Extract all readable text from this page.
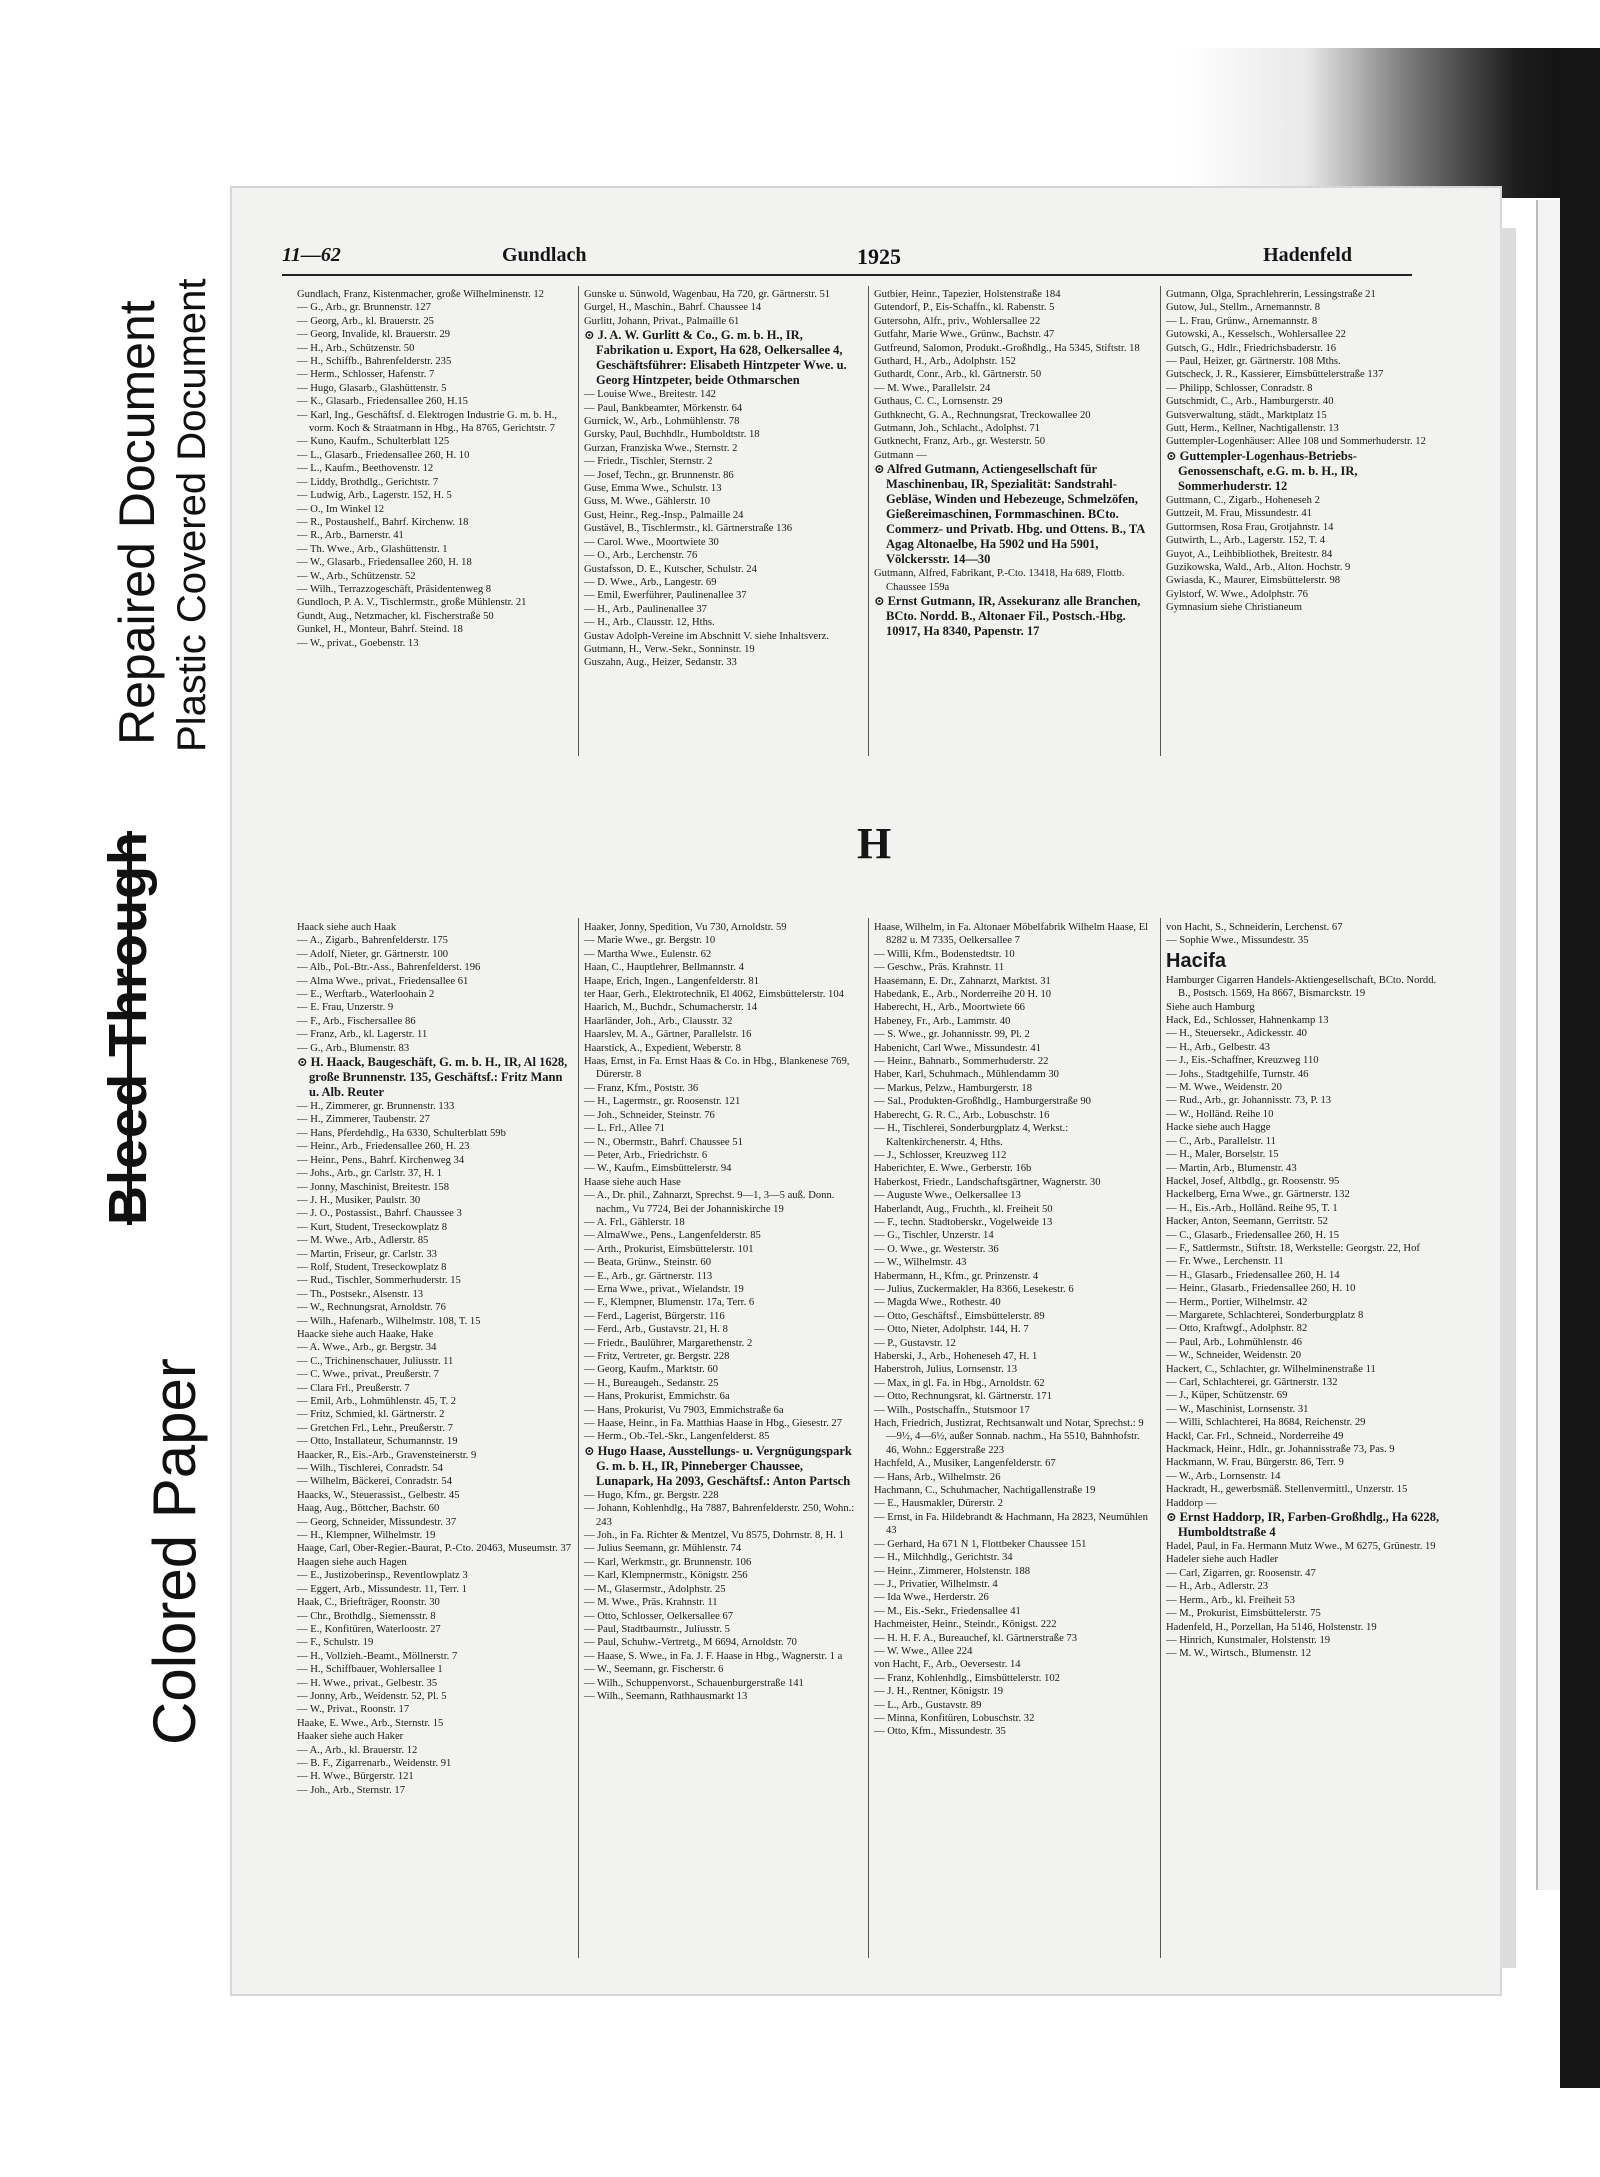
Colored Paper
Bleed Through
Repaired Document Plastic Covered Document
11—62	Gundlach	1925	Hadenfeld

Gundlach, Franz, Kistenmacher, große Wilhelminenstr. 12

— G., Arb., gr. Brunnenstr. 127

— Georg, Arb., kl. Brauerstr. 25

— Georg, Invalide, kl. Brauerstr. 29

— H., Arb., Schützenstr. 50

— H., Schiffb., Bahrenfelderstr. 235

— Herm., Schlosser, Hafenstr. 7

— Hugo, Glasarb., Glashüttenstr. 5

— K., Glasarb., Friedensallee 260, H.15

— Karl, Ing., Geschäftsf. d. Elektrogen Industrie G. m. b. H., vorm. Koch & Straatmann in Hbg., Ha 8765, Gerichtstr. 7

— Kuno, Kaufm., Schulterblatt 125

— L., Glasarb., Friedensallee 260, H. 10

— L., Kaufm., Beethovenstr. 12

— Liddy, Brothdlg., Gerichtstr. 7

— Ludwig, Arb., Lagerstr. 152, H. 5

— O., Im Winkel 12

— R., Postaushelf., Bahrf. Kirchenw. 18

— R., Arb., Barnerstr. 41

— Th. Wwe., Arb., Glashüttenstr. 1

— W., Glasarb., Friedensallee 260, H. 18

— W., Arb., Schützenstr. 52

— Wilh., Terrazzogeschäft, Präsidentenweg 8

Gundloch, P. A. V., Tischlermstr., große Mühlenstr. 21

Gundt, Aug., Netzmacher, kl. Fischerstraße 50

Gunkel, H., Monteur, Bahrf. Steind. 18

— W., privat., Goebenstr. 13

Gunske u. Sünwold, Wagenbau, Ha 720, gr. Gärtnerstr. 51

Gurgel, H., Maschin., Bahrf. Chaussee 14

Gurlitt, Johann, Privat., Palmaille 61

⊙ J. A. W. Gurlitt & Co., G. m. b. H., IR, Fabrikation u. Export, Ha 628, Oelkersallee 4, Geschäftsführer: Elisabeth Hintzpeter Wwe. u. Georg Hintzpeter, beide Othmarschen

— Louise Wwe., Breitestr. 142

— Paul, Bankbeamter, Mörkenstr. 64

Gurnick, W., Arb., Lohmühlenstr. 78

Gursky, Paul, Buchhdlr., Humboldtstr. 18

Gurzan, Franziska Wwe., Sternstr. 2

— Friedr., Tischler, Sternstr. 2

— Josef, Techn., gr. Brunnenstr. 86

Guse, Emma Wwe., Schulstr. 13

Guss, M. Wwe., Gählerstr. 10

Gust, Heinr., Reg.-Insp., Palmaille 24

Gustävel, B., Tischlermstr., kl. Gärtnerstraße 136

— Carol. Wwe., Moortwiete 30

— O., Arb., Lerchenstr. 76

Gustafsson, D. E., Kutscher, Schulstr. 24

— D. Wwe., Arb., Langestr. 69

— Emil, Ewerführer, Paulinenallee 37

— H., Arb., Paulinenallee 37

— H., Arb., Clausstr. 12, Hths.

Gustav Adolph-Vereine im Abschnitt V. siehe Inhaltsverz.

Gutmann, H., Verw.-Sekr., Sonninstr. 19

Guszahn, Aug., Heizer, Sedanstr. 33

Gutbier, Heinr., Tapezier, Holstenstraße 184

Gutendorf, P., Eis-Schaffn., kl. Rabenstr. 5

Gutersohn, Alfr., priv., Wohlersallee 22

Gutfahr, Marie Wwe., Grünw., Bachstr. 47

Gutfreund, Salomon, Produkt.-Großhdlg., Ha 5345, Stiftstr. 18

Guthard, H., Arb., Adolphstr. 152

Guthardt, Conr., Arb., kl. Gärtnerstr. 50

— M. Wwe., Parallelstr. 24

Guthaus, C. C., Lornsenstr. 29

Guthknecht, G. A., Rechnungsrat, Treckowallee 20

Gutmann, Joh., Schlacht., Adolphst. 71

Gutknecht, Franz, Arb., gr. Westerstr. 50

Gutmann —

⊙ Alfred Gutmann, Actiengesellschaft für Maschinenbau, IR, Spezialität: Sandstrahl-Gebläse, Winden und Hebezeuge, Schmelzöfen, Gießereimaschinen, Formmaschinen. BCto. Commerz- und Privatb. Hbg. und Ottens. B., TA Agag Altonaelbe, Ha 5902 und Ha 5901, Völckersstr. 14—30

Gutmann, Alfred, Fabrikant, P.-Cto. 13418, Ha 689, Flottb. Chaussee 159a

⊙ Ernst Gutmann, IR, Assekuranz alle Branchen, BCto. Nordd. B., Altonaer Fil., Postsch.-Hbg. 10917, Ha 8340, Papenstr. 17

Gutmann, Olga, Sprachlehrerin, Lessingstraße 21

Gutow, Jul., Stellm., Arnemannstr. 8

— L. Frau, Grünw., Arnemannstr. 8

Gutowski, A., Kesselsch., Wohlersallee 22

Gutsch, G., Hdlr., Friedrichsbaderstr. 16

— Paul, Heizer, gr. Gärtnerstr. 108 Mths.

Gutscheck, J. R., Kassierer, Eimsbüttelerstraße 137

— Philipp, Schlosser, Conradstr. 8

Gutschmidt, C., Arb., Hamburgerstr. 40

Gutsverwaltung, städt., Marktplatz 15

Gutt, Herm., Kellner, Nachtigallenstr. 13

Guttempler-Logenhäuser: Allee 108 und Sommerhuderstr. 12

⊙ Guttempler-Logenhaus-Betriebs-Genossenschaft, e.G. m. b. H., IR, Sommerhuderstr. 12

Guttmann, C., Zigarb., Hoheneseh 2

Guttzeit, M. Frau, Missundestr. 41

Guttormsen, Rosa Frau, Grotjahnstr. 14

Gutwirth, L., Arb., Lagerstr. 152, T. 4

Guyot, A., Leihbibliothek, Breitestr. 84

Guzikowska, Wald., Arb., Alton. Hochstr. 9

Gwiasda, K., Maurer, Eimsbüttelerstr. 98

Gylstorf, W. Wwe., Adolphstr. 76

Gymnasium siehe Christianeum

H

Haack siehe auch Haak

— A., Zigarb., Bahrenfelderstr. 175

— Adolf, Nieter, gr. Gärtnerstr. 100

— Alb., Pol.-Btr.-Ass., Bahrenfelderst. 196

— Alma Wwe., privat., Friedensallee 61

— E., Werftarb., Waterloohain 2

— E. Frau, Unzerstr. 9

— F., Arb., Fischersallee 86

— Franz, Arb., kl. Lagerstr. 11

— G., Arb., Blumenstr. 83

⊙ H. Haack, Baugeschäft, G. m. b. H., IR, Al 1628, große Brunnenstr. 135, Geschäftsf.: Fritz Mann u. Alb. Reuter

— H., Zimmerer, gr. Brunnenstr. 133

— H., Zimmerer, Taubenstr. 27

— Hans, Pferdehdlg., Ha 6330, Schulterblatt 59b

— Heinr., Arb., Friedensallee 260, H. 23

— Heinr., Pens., Bahrf. Kirchenweg 34

— Johs., Arb., gr. Carlstr. 37, H. 1

— Jonny, Maschinist, Breitestr. 158

— J. H., Musiker, Paulstr. 30

— J. O., Postassist., Bahrf. Chaussee 3

— Kurt, Student, Treseckowplatz 8

— M. Wwe., Arb., Adlerstr. 85

— Martin, Friseur, gr. Carlstr. 33

— Rolf, Student, Treseckowplatz 8

— Rud., Tischler, Sommerhuderstr. 15

— Th., Postsekr., Alsenstr. 13

— W., Rechnungsrat, Arnoldstr. 76

— Wilh., Hafenarb., Wilhelmstr. 108, T. 15

Haacke siehe auch Haake, Hake

— A. Wwe., Arb., gr. Bergstr. 34

— C., Trichinenschauer, Juliusstr. 11

— C. Wwe., privat., Preußerstr. 7

— Clara Frl., Preußerstr. 7

— Emil, Arb., Lohmühlenstr. 45, T. 2

— Fritz, Schmied, kl. Gärtnerstr. 2

— Gretchen Frl., Lehr., Preußerstr. 7

— Otto, Installateur, Schumannstr. 19

Haacker, R., Eis.-Arb., Gravensteinerstr. 9

— Wilh., Tischlerei, Conradstr. 54

— Wilhelm, Bäckerei, Conradstr. 54

Haacks, W., Steuerassist., Gelbestr. 45

Haag, Aug., Böttcher, Bachstr. 60

— Georg, Schneider, Missundestr. 37

— H., Klempner, Wilhelmstr. 19

Haage, Carl, Ober-Regier.-Baurat, P.-Cto. 20463, Museumstr. 37

Haagen siehe auch Hagen

— E., Justizoberinsp., Reventlowplatz 3

— Eggert, Arb., Missundestr. 11, Terr. 1

Haak, C., Briefträger, Roonstr. 30

— Chr., Brothdlg., Siemensstr. 8

— E., Konfitüren, Waterloostr. 27

— F., Schulstr. 19

— H., Vollzieh.-Beamt., Möllnerstr. 7

— H., Schiffbauer, Wohlersallee 1

— H. Wwe., privat., Gelbestr. 35

— Jonny, Arb., Weidenstr. 52, Pl. 5

— W., Privat., Roonstr. 17

Haake, E. Wwe., Arb., Sternstr. 15

Haaker siehe auch Haker

— A., Arb., kl. Brauerstr. 12

— B. F., Zigarrenarb., Weidenstr. 91

— H. Wwe., Bürgerstr. 121

— Joh., Arb., Sternstr. 17

Haaker, Jonny, Spedition, Vu 730, Arnoldstr. 59

— Marie Wwe., gr. Bergstr. 10

— Martha Wwe., Eulenstr. 62

Haan, C., Hauptlehrer, Bellmannstr. 4

Haape, Erich, Ingen., Langenfelderstr. 81

ter Haar, Gerh., Elektrotechnik, El 4062, Eimsbüttelerstr. 104

Haarich, M., Buchdr., Schumacherstr. 14

Haarländer, Joh., Arb., Clausstr. 32

Haarslev, M. A., Gärtner, Parallelstr. 16

Haarstick, A., Expedient, Weberstr. 8

Haas, Ernst, in Fa. Ernst Haas & Co. in Hbg., Blankenese 769, Dürerstr. 8

— Franz, Kfm., Poststr. 36

— H., Lagermstr., gr. Roosenstr. 121

— Joh., Schneider, Steinstr. 76

— L. Frl., Allee 71

— N., Obermstr., Bahrf. Chaussee 51

— Peter, Arb., Friedrichstr. 6

— W., Kaufm., Eimsbüttelerstr. 94

Haase siehe auch Hase

— A., Dr. phil., Zahnarzt, Sprechst. 9—1, 3—5 auß. Donn. nachm., Vu 7724, Bei der Johanniskirche 19

— A. Frl., Gählerstr. 18

— AlmaWwe., Pens., Langenfelderstr. 85

— Arth., Prokurist, Eimsbüttelerstr. 101

— Beata, Grünw., Steinstr. 60

— E., Arb., gr. Gärtnerstr. 113

— Erna Wwe., privat., Wielandstr. 19

— F., Klempner, Blumenstr. 17a, Terr. 6

— Ferd., Lagerist, Bürgerstr. 116

— Ferd., Arb., Gustavstr. 21, H. 8

— Friedr., Baulührer, Margarethenstr. 2

— Fritz, Vertreter, gr. Bergstr. 228

— Georg, Kaufm., Marktstr. 60

— H., Bureaugeh., Sedanstr. 25

— Hans, Prokurist, Emmichstr. 6a

— Hans, Prokurist, Vu 7903, Emmichstraße 6a

— Haase, Heinr., in Fa. Matthias Haase in Hbg., Giesestr. 27

— Herm., Ob.-Tel.-Skr., Langenfelderst. 85

⊙ Hugo Haase, Ausstellungs- u. Vergnügungspark G. m. b. H., IR, Pinneberger Chaussee, Lunapark, Ha 2093, Geschäftsf.: Anton Partsch

— Hugo, Kfm., gr. Bergstr. 228

— Johann, Kohlenhdlg., Ha 7887, Bahrenfelderstr. 250, Wohn.: 243

— Joh., in Fa. Richter & Mentzel, Vu 8575, Dohrnstr. 8, H. 1

— Julius Seemann, gr. Mühlenstr. 74

— Karl, Werkmstr., gr. Brunnenstr. 106

— Karl, Klempnermstr., Königstr. 256

— M., Glasermstr., Adolphstr. 25

— M. Wwe., Präs. Krahnstr. 11

— Otto, Schlosser, Oelkersallee 67

— Paul, Stadtbaumstr., Juliusstr. 5

— Paul, Schuhw.-Vertretg., M 6694, Arnoldstr. 70

— Haase, S. Wwe., in Fa. J. F. Haase in Hbg., Wagnerstr. 1 a

— W., Seemann, gr. Fischerstr. 6

— Wilh., Schuppenvorst., Schauenburgerstraße 141

— Wilh., Seemann, Rathhausmarkt 13

Haase, Wilhelm, in Fa. Altonaer Möbelfabrik Wilhelm Haase, El 8282 u. M 7335, Oelkersallee 7

— Willi, Kfm., Bodenstedtstr. 10

— Geschw., Präs. Krahnstr. 11

Haasemann, E. Dr., Zahnarzt, Marktst. 31

Habedank, E., Arb., Norderreihe 20 H. 10

Haberecht, H., Arb., Moortwiete 66

Habeney, Fr., Arb., Lammstr. 40

— S. Wwe., gr. Johannisstr. 99, Pl. 2

Habenicht, Carl Wwe., Missundestr. 41

— Heinr., Bahnarb., Sommerhuderstr. 22

Haber, Karl, Schuhmach., Mühlendamm 30

— Markus, Pelzw., Hamburgerstr. 18

— Sal., Produkten-Großhdlg., Hamburgerstraße 90

Haberecht, G. R. C., Arb., Lobuschstr. 16

— H., Tischlerei, Sonderburgplatz 4, Werkst.: Kaltenkirchenerstr. 4, Hths.

— J., Schlosser, Kreuzweg 112

Haberichter, E. Wwe., Gerberstr. 16b

Haberkost, Friedr., Landschaftsgärtner, Wagnerstr. 30

— Auguste Wwe., Oelkersallee 13

Haberlandt, Aug., Fruchth., kl. Freiheit 50

— F., techn. Stadtoberskr., Vogelweide 13

— G., Tischler, Unzerstr. 14

— O. Wwe., gr. Westerstr. 36

— W., Wilhelmstr. 43

Habermann, H., Kfm., gr. Prinzenstr. 4

— Julius, Zuckermakler, Ha 8366, Lesekestr. 6

— Magda Wwe., Rothestr. 40

— Otto, Geschäftsf., Eimsbüttelerstr. 89

— Otto, Nieter, Adolphstr. 144, H. 7

— P., Gustavstr. 12

Haberski, J., Arb., Hoheneseh 47, H. 1

Haberstroh, Julius, Lornsenstr. 13

— Max, in gl. Fa. in Hbg., Arnoldstr. 62

— Otto, Rechnungsrat, kl. Gärtnerstr. 171

— Wilh., Postschaffn., Stutsmoor 17

Hach, Friedrich, Justizrat, Rechtsanwalt und Notar, Sprechst.: 9—9½, 4—6½, außer Sonnab. nachm., Ha 5510, Bahnhofstr. 46, Wohn.: Eggerstraße 223

Hachfeld, A., Musiker, Langenfelderstr. 67

— Hans, Arb., Wilhelmstr. 26

Hachmann, C., Schuhmacher, Nachtigallenstraße 19

— E., Hausmakler, Dürerstr. 2

— Ernst, in Fa. Hildebrandt & Hachmann, Ha 2823, Neumühlen 43

— Gerhard, Ha 671 N 1, Flottbeker Chaussee 151

— H., Milchhdlg., Gerichtstr. 34

— Heinr., Zimmerer, Holstenstr. 188

— J., Privatier, Wilhelmstr. 4

— Ida Wwe., Herderstr. 26

— M., Eis.-Sekr., Friedensallee 41

Hachmeister, Heinr., Steindr., Königst. 222

— H. H. F. A., Bureauchef, kl. Gärtnerstraße 73

— W. Wwe., Allee 224

von Hacht, F., Arb., Oeversestr. 14

— Franz, Kohlenhdlg., Eimsbüttelerstr. 102

— J. H., Rentner, Königstr. 19

— L., Arb., Gustavstr. 89

— Minna, Konfitüren, Lobuschstr. 32

— Otto, Kfm., Missundestr. 35

von Hacht, S., Schneiderin, Lerchenst. 67

— Sophie Wwe., Missundestr. 35

Hacifa

Hamburger Cigarren Handels-Aktiengesellschaft, BCto. Nordd. B., Postsch. 1569, Ha 8667, Bismarckstr. 19

Siehe auch Hamburg

Hack, Ed., Schlosser, Hahnenkamp 13

— H., Steuersekr., Adickesstr. 40

— H., Arb., Gelbestr. 43

— J., Eis.-Schaffner, Kreuzweg 110

— Johs., Stadtgehilfe, Turnstr. 46

— M. Wwe., Weidenstr. 20

— Rud., Arb., gr. Johannisstr. 73, P. 13

— W., Holländ. Reihe 10

Hacke siehe auch Hagge

— C., Arb., Parallelstr. 11

— H., Maler, Borselstr. 15

— Martin, Arb., Blumenstr. 43

Hackel, Josef, Altbdlg., gr. Roosenstr. 95

Hackelberg, Erna Wwe., gr. Gärtnerstr. 132

— H., Eis.-Arb., Holländ. Reihe 95, T. 1

Hacker, Anton, Seemann, Gerritstr. 52

— C., Glasarb., Friedensallee 260, H. 15

— F., Sattlermstr., Stiftstr. 18, Werkstelle: Georgstr. 22, Hof

— Fr. Wwe., Lerchenstr. 11

— H., Glasarb., Friedensallee 260, H. 14

— Heinr., Glasarb., Friedensallee 260, H. 10

— Herm., Portier, Wilhelmstr. 42

— Margarete, Schlachterei, Sonderburgplatz 8

— Otto, Kraftwgf., Adolphstr. 82

— Paul, Arb., Lohmühlenstr. 46

— W., Schneider, Weidenstr. 20

Hackert, C., Schlachter, gr. Wilhelminenstraße 11

— Carl, Schlachterei, gr. Gärtnerstr. 132

— J., Küper, Schützenstr. 69

— W., Maschinist, Lornsenstr. 31

— Willi, Schlachterei, Ha 8684, Reichenstr. 29

Hackl, Car. Frl., Schneid., Norderreihe 49

Hackmack, Heinr., Hdlr., gr. Johannisstraße 73, Pas. 9

Hackmann, W. Frau, Bürgerstr. 86, Terr. 9

— W., Arb., Lornsenstr. 14

Hackradt, H., gewerbsmäß. Stellenvermittl., Unzerstr. 15

Haddorp —

⊙ Ernst Haddorp, IR, Farben-Großhdlg., Ha 6228, Humboldtstraße 4

Hadel, Paul, in Fa. Hermann Mutz Wwe., M 6275, Grünestr. 19

Hadeler siehe auch Hadler

— Carl, Zigarren, gr. Roosenstr. 47

— H., Arb., Adlerstr. 23

— Herm., Arb., kl. Freiheit 53

— M., Prokurist, Eimsbüttelerstr. 75

Hadenfeld, H., Porzellan, Ha 5146, Holstenstr. 19

— Hinrich, Kunstmaler, Holstenstr. 19

— M. W., Wirtsch., Blumenstr. 12
